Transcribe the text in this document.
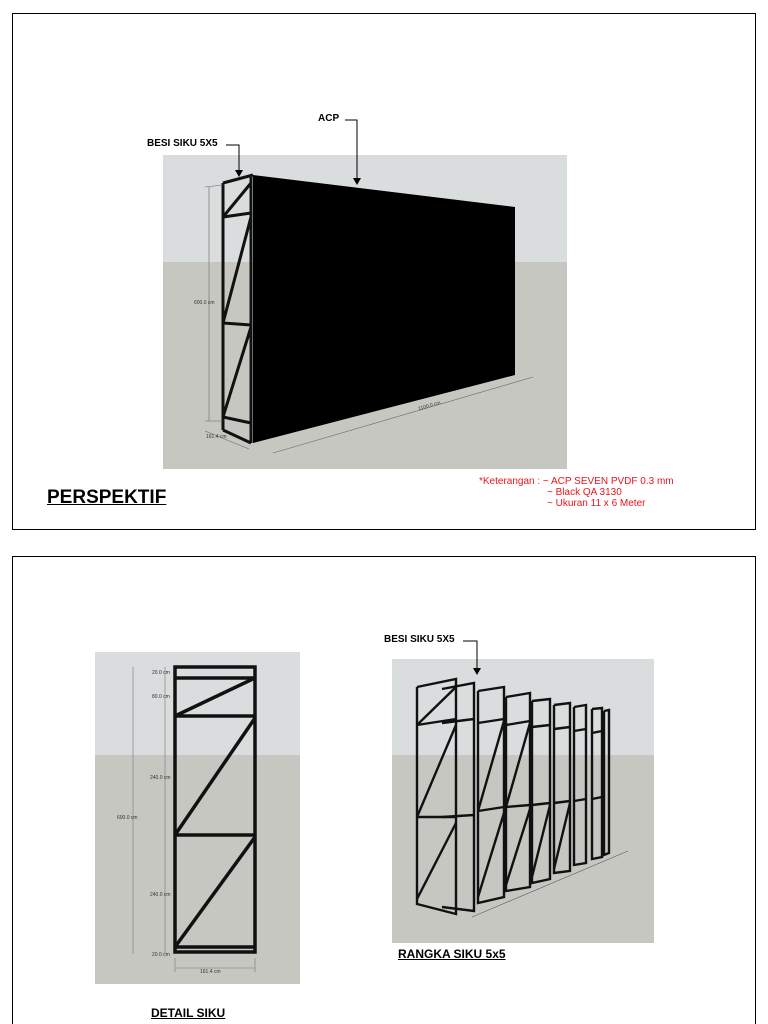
600.0 cm
1100.0 cm
161.4 cm
ACP
BESI SIKU 5X5
PERSPEKTIF
*Keterangan : ~ ACP SEVEN PVDF 0.3 mm
~ Black QA 3130
~ Ukuran 11 x 6 Meter
20.0 cm
80.0 cm
240.0 cm
600.0 cm
240.0 cm
20.0 cm
161.4 cm
DETAIL SIKU
BESI SIKU 5X5
RANGKA SIKU 5x5
